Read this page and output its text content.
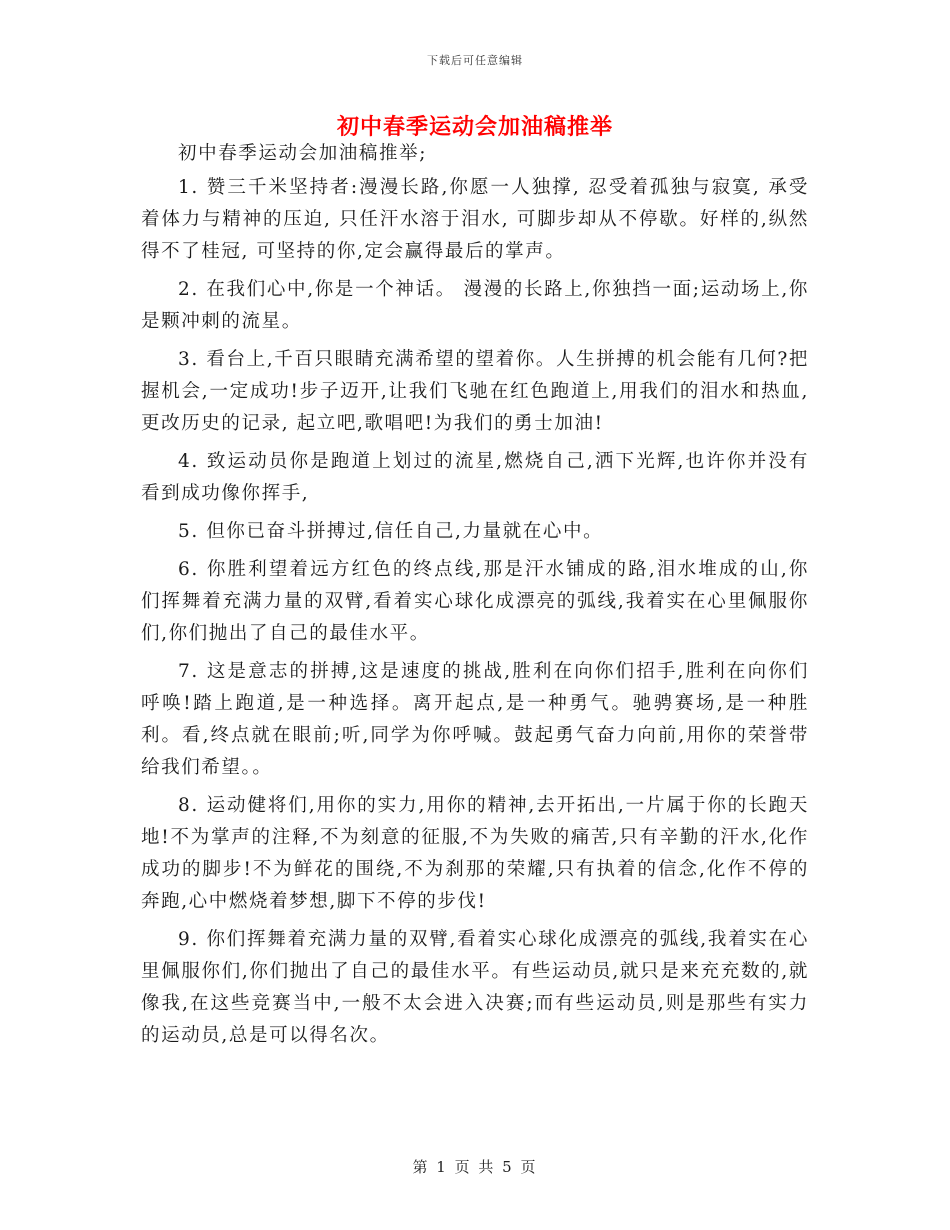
下载后可任意编辑
初中春季运动会加油稿推举

初中春季运动会加油稿推举;

1. 赞三千米坚持者:漫漫长路,你愿一人独撑, 忍受着孤独与寂寞, 承受着体力与精神的压迫, 只任汗水溶于泪水, 可脚步却从不停歇。好样的,纵然得不了桂冠, 可坚持的你,定会赢得最后的掌声。

2. 在我们心中,你是一个神话。 漫漫的长路上,你独挡一面;运动场上,你是颗冲刺的流星。

3. 看台上,千百只眼睛充满希望的望着你。人生拼搏的机会能有几何?把握机会,一定成功!步子迈开,让我们飞驰在红色跑道上,用我们的泪水和热血, 更改历史的记录, 起立吧,歌唱吧!为我们的勇士加油!

4. 致运动员你是跑道上划过的流星,燃烧自己,洒下光辉,也许你并没有看到成功像你挥手,

5. 但你已奋斗拼搏过,信任自己,力量就在心中。

6. 你胜利望着远方红色的终点线,那是汗水铺成的路,泪水堆成的山,你们挥舞着充满力量的双臂,看着实心球化成漂亮的弧线,我着实在心里佩服你们,你们抛出了自己的最佳水平。

7. 这是意志的拼搏,这是速度的挑战,胜利在向你们招手,胜利在向你们呼唤!踏上跑道,是一种选择。离开起点,是一种勇气。驰骋赛场,是一种胜利。看,终点就在眼前;听,同学为你呼喊。鼓起勇气奋力向前,用你的荣誉带给我们希望。。

8. 运动健将们,用你的实力,用你的精神,去开拓出,一片属于你的长跑天地!不为掌声的注释,不为刻意的征服,不为失败的痛苦,只有辛勤的汗水,化作成功的脚步!不为鲜花的围绕,不为刹那的荣耀,只有执着的信念,化作不停的奔跑,心中燃烧着梦想,脚下不停的步伐!

9. 你们挥舞着充满力量的双臂,看着实心球化成漂亮的弧线,我着实在心里佩服你们,你们抛出了自己的最佳水平。有些运动员,就只是来充充数的,就像我,在这些竞赛当中,一般不太会进入决赛;而有些运动员,则是那些有实力的运动员,总是可以得名次。

第 1 页 共 5 页
